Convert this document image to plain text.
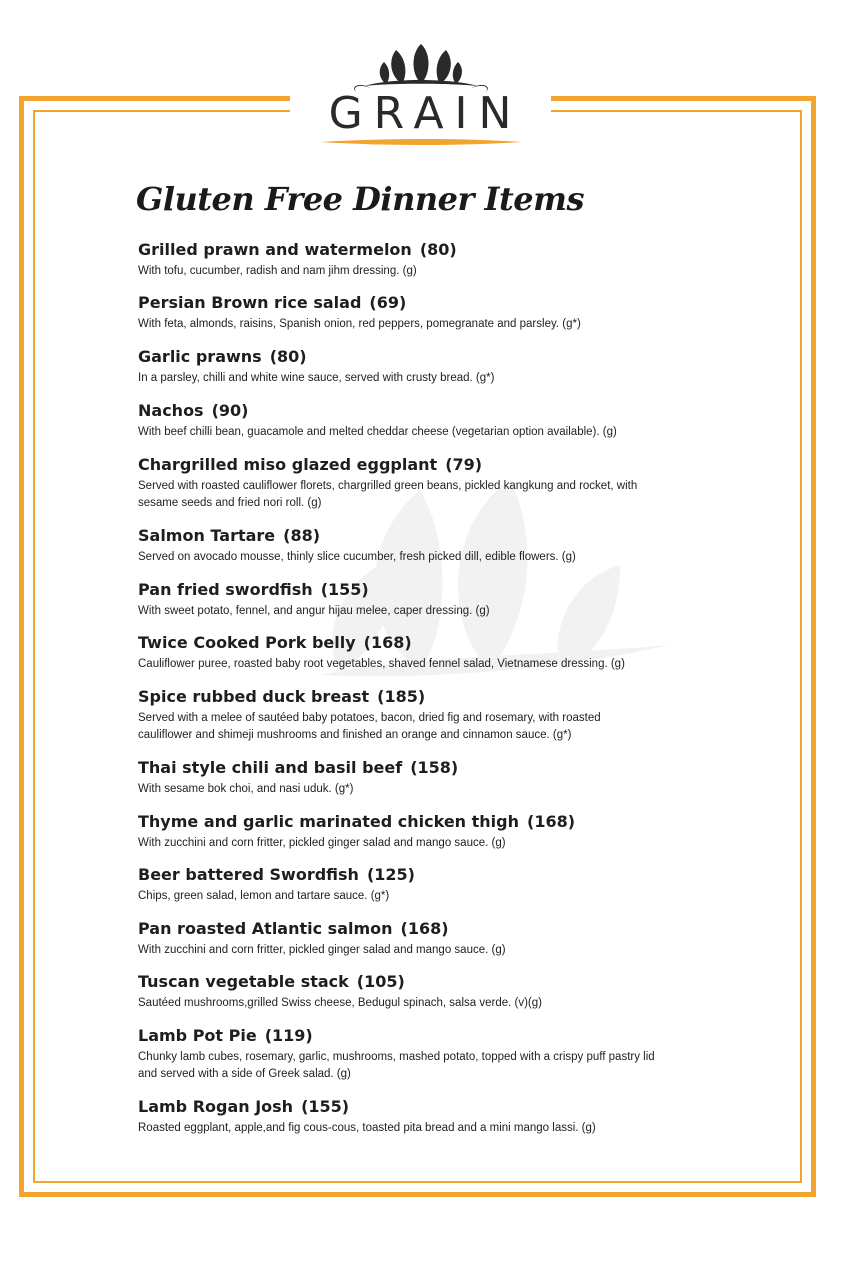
GRAIN
Gluten Free Dinner Items

Grilled prawn and watermelon (80)

With tofu, cucumber, radish and nam jihm dressing. (g)

Persian Brown rice salad (69)

With feta, almonds, raisins, Spanish onion, red peppers, pomegranate and parsley. (g*)

Garlic prawns (80)

In a parsley, chilli and white wine sauce, served with crusty bread. (g*)

Nachos (90)

With beef chilli bean, guacamole and melted cheddar cheese (vegetarian option available). (g)

Chargrilled miso glazed eggplant (79)

Served with roasted cauliflower florets, chargrilled green beans, pickled kangkung and rocket, with sesame seeds and fried nori roll. (g)

Salmon Tartare (88)

Served on avocado mousse, thinly slice cucumber, fresh picked dill, edible flowers. (g)

Pan fried swordfish (155)

With sweet potato, fennel, and angur hijau melee, caper dressing. (g)

Twice Cooked Pork belly (168)

Cauliflower puree, roasted baby root vegetables, shaved fennel salad, Vietnamese dressing. (g)

Spice rubbed duck breast (185)

Served with a melee of sautéed baby potatoes, bacon, dried fig and rosemary, with roasted cauliflower and shimeji mushrooms and finished an orange and cinnamon sauce. (g*)

Thai style chili and basil beef (158)

With sesame bok choi, and nasi uduk. (g*)

Thyme and garlic marinated chicken thigh (168)

With zucchini and corn fritter, pickled ginger salad and mango sauce. (g)

Beer battered Swordfish (125)

Chips, green salad, lemon and tartare sauce. (g*)

Pan roasted Atlantic salmon (168)

With zucchini and corn fritter, pickled ginger salad and mango sauce. (g)

Tuscan vegetable stack (105)

Sautéed mushrooms,grilled Swiss cheese, Bedugul spinach, salsa verde. (v)(g)

Lamb Pot Pie (119)

Chunky lamb cubes, rosemary, garlic, mushrooms, mashed potato, topped with a crispy puff pastry lid and served with a side of Greek salad. (g)

Lamb Rogan Josh (155)

Roasted eggplant, apple,and fig cous-cous, toasted pita bread and a mini mango lassi. (g)
